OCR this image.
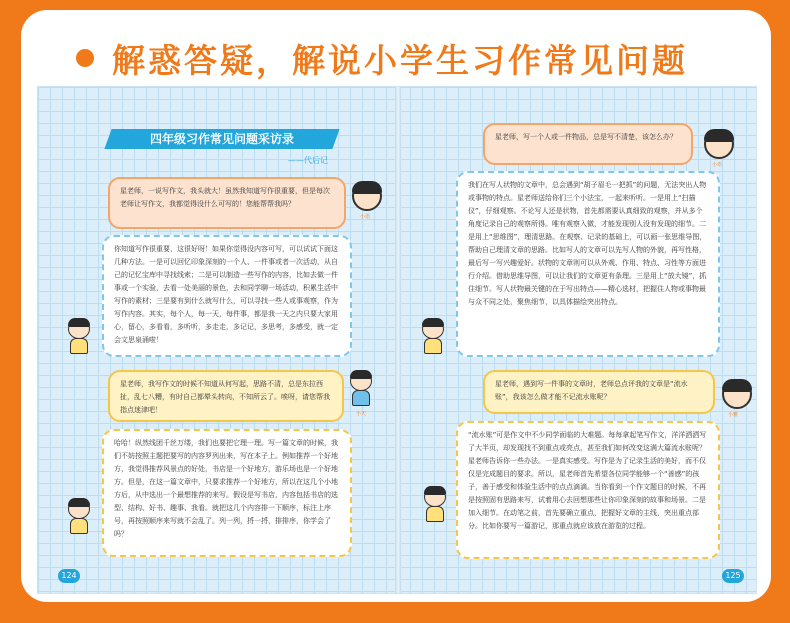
解惑答疑，解说小学生习作常见问题
四年级习作常见问题采访录
——代后记
星老师，一说写作文，我头就大！虽然我知道写作很重要，但是每次老师让写作文，我都觉得没什么可写的！您能帮帮我吗？
小语
你知道写作很重要，这很好呀！如果你觉得没内容可写，可以试试下面这几种方法。一是可以回忆印象深刻的一个人、一件事或者一次活动，从自己的记忆宝库中寻找线索；二是可以制造一些写作的内容，比如去做一件事或一个实验，去看一处美丽的景色，去和同学聊一场活动，积累生活中写作的素材；三是要有到什么就写什么，可以寻找一些人或事观察，作为写作内容。其实，每个人，每一天，每件事，都是我一天之内只要大家用心，留心，多看看，多听听，多走走，多记记，多思考，多感受，就一定会文思泉涌啦！
星老师，我写作文的时候不知道从何写起，思路不清，总是东拉西扯，乱七八糟，有时自己都晕头转向，不知所云了。唉呀，请您帮我指点迷津吧！	小天
哈哈！纵然线团千丝万缕，我们也要把它理一理。写一篇文章的时候，我们不妨按照主题把要写的内容罗列出来，写在本子上。例如推荐一个好地方，我觉得推荐风景点的好处，书店是一个好地方，游乐场也是一个好地方。但是，在这一篇文章中，只要求推荐一个好地方，所以在这几个小地方后，从中选出一个最想推荐的来写。假设是写书店，内容包括书店的选型、结构、好书、趣事、我看。就把这几个内容排一下顺序，标注上序号，再按照顺序来写就不会乱了。列一列，捋一捋，排排序，你学会了吗？
124
星老师，写一个人或一件物品，总是写不清楚，该怎么办？
小语
我们在写人状物的文章中，总会遇到“胡子眉毛一把抓”的问题，无法突出人物或事物的特点。星老师送给你们三个小法宝，一起来听听。一是用上“扫描仪”，仔细观察。不论写人还是状物，首先都需要认真细致的观察，并从多个角度记录自己的观察所得。唯有观察入微，才能发现别人没有发现的细节。二是用上“思维图”，理清思路。在观察、记录的基础上，可以画一张思维导图，帮助自己理清文章的思路。比如写人的文章可以先写人物的外貌，再写性格，最后写一写兴趣爱好。状物的文章则可以从外观、作用、特点、习性等方面进行介绍。借助思维导图，可以让我们的文章更有条理。三是用上“放大镜”，抓住细节。写人状物最关键的在于写出特点——精心选材，把握住人物或事物最与众不同之处，聚焦细节，以具体描绘突出特点。
星老师，遇到写一件事的文章时，老师总点评我的文章是“流水账”，我该怎么做才能不记流水账呢？
小雅
“流水账”可是作文中不少同学面临的大难题。每每拿起笔写作文，洋洋洒洒写了大半页，却发现找不到重点或亮点，甚至我们如何改变这满大篇流水账呢？星老师告诉你一些办法。一是真实感受。写作是为了记录生活的美好，而不仅仅是完成题目的要求。所以，星老师首先希望各位同学能够一个“善感”的孩子，善于感受和体验生活中的点点滴滴。当你看到一个作文题目的时候，不再是按照固有思路来写，试着用心去回想那些让你印象深刻的故事和场景。二是加入细节。在动笔之前，首先要确立重点，把握好文章的主线，突出重点部分。比如你要写一篇游记，那重点就应该放在游览的过程。
125
